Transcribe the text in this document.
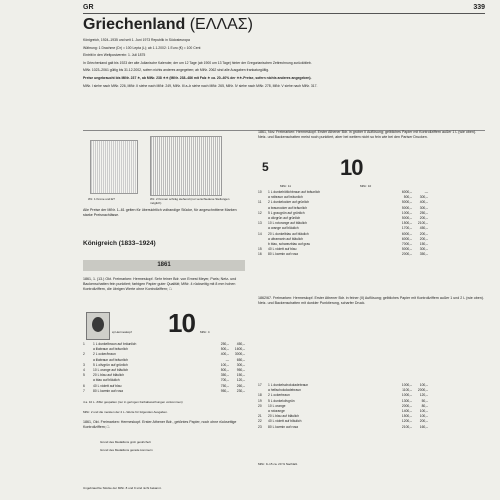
GR	339
Griechenland (ΕΛΛΑΣ)

Königreich, 1924–1935 und seit 1. Juni 1973 Republik in Südosteuropa

Währung: 1 Drachme (Dr) = 100 Lepta (L); ab 1.1.2002: 1 Euro (€) = 100 Cent

Eintritt in den Weltpostverein: 1. Juli 1875

In Griechenland galt bis 1923 der alte Julianische Kalender, der um 12 Tage (ab 1900 um 13 Tage) hinter der Gregorianischen Zeitrechnung zurückblieb.

MiNr. 1023–2061 gültig bis 31.12.2002, sofern nichts anderes angegeben; ab MiNr. 2062 sind alle Ausgaben frankaturgültig.

Preise ungebraucht bis MiNr. 237 ✶, ab MiNr. 238 ✶✶ (MiNr. 238–486 mit Falz ✶ ca. 20–40% der ✶✶-Preise, sofern nichts anderes angegeben).

MiNr. I siehe nach MiNr. 226, MiNr. II siehe nach MiNr. 249, MiNr. III a–b siehe nach MiNr. 265, MiNr. IV siehe nach MiNr. 278, MiNr. V siehe nach MiNr. 317.

Wz. 1 Krone und ET	Wz. 2 Kronen schräg stehend (nur verschiedene Stellungen möglich)
Alle Preise der MiNr. 1–61 gelten für übersichtlich vollrandige Stücke, für angeschnittene Marken starke Preisnachlässe.
Königreich (1833–1924)
1861
1861, 1. (13.) Okt. Freimarken: Hermeskopf. Sehr feiner Bdr. von Ernest Meyer, Paris; Netz- und Backenschatten fein punktiert; farbigen Papier guter Qualität; MiNr. 4 rückseitig mit 8 mm hohen Kontrollziffern, die übrigen Werte ohne Kontrollziffern; □.
a) Hermeskopf 10 MiNr. 4
1	1 L dunkelbraun auf bräunlich	250,–	450,–
a lilabraun auf bräunlich	500,–	1600,–
2	2 L ocker/braun	400,–	3000,–
a lilabraun auf bräunlich	—	650,–
3	5 L olivgrün auf grünlich	100,–	300,–
4	10 L orange auf bläulich	500,–	950,–
5	20 L blau auf bläulich	350,–	150,–
a blau auf bläulich	700,–	120,–
6	40 L violett auf blau	750,–	260,–
7	80 L karmin auf rosa	950,–	230,–
4 a. 10 L. Ziffer gespalten (nur in geringen Farbabweichungen vorkommen)
MiNr. 2 und die meisten der 2 L.-Werte für folgenden Ausgaben.
1861, Okt. Freimarken: Hermeskopf. Erster Athener Bdr., getöntes Papier, noch ohne rückseitige Kontrollziffern; □.
Grund des Medaillons grob gestrichelt
Grund des Medaillons gerade kommern
Ungebrauchte Stücke der MiNr. 8 und 9 sind nicht bekannt.
1861, Nov. Freimarken: Hermeskopf. Erster Athener Bdr. in grober II Auflösung; gelbliches Papier mit Kontrollziffern außer 1 L (wie oben). Netz- und Backenschatten meist noch punktiert, aber bei weitem nicht so fein wie bei den Pariser Drucken.
5	10
MiNr. 11	MiNr. 10
10	1 L dunkelrötlichbraun auf bräunlich	6000,–	—
a rotbraun auf bräunlich	500,–	300,–
11	2 L dunkelocker auf grünlich	5000,–	400,–
a braunocker auf bräunlich	5000,–	300,–
12	5 L graugrün auf grünlich	1000,–	250,–
a olivgrün auf grünlich	5000,–	200,–
13	10 L rotorange auf bläulich	1500,–	2100,–
a orange auf bläulich	1700,–	450,–
14	20 L dunkelblau auf bläulich	6000,–	200,–
a ultramarin auf bläulich	6000,–	200,–
b blau, schwarzblau auf grau	7000,–	150,–
15	40 L violett auf blau	5000,–	300,–
16	80 L karmin auf rosa	2000,–	350,–
1862/67. Freimarken: Hermeskopf. Erster Athener Bdr. in feiner (II) Auflösung; gelbliches Papier mit Kontrollziffern außer 1 und 2 L (wie oben). Netz- und Backenschatten mit dunkler Punktierung, scharfer Druck.
17	1 L dunkelschokoladebraun	1000,–	100,–
a hellschokoladebraun	1100,–	2000,–
18	2 L ockerbraun	1000,–	120,–
19	5 L dunkelolivgrün	1300,–	50,–
20	10 L orange	2000,–	80,–
a rotorange	1400,–	100,–
21	20 L blau auf bläulich	1500,–	100,–
22	40 L violett auf bläulich	1200,–	200,–
23	80 L karmin auf rosa	2100,–	160,–
MiNr. 9–15 ca. 20 % Nachlaß.
